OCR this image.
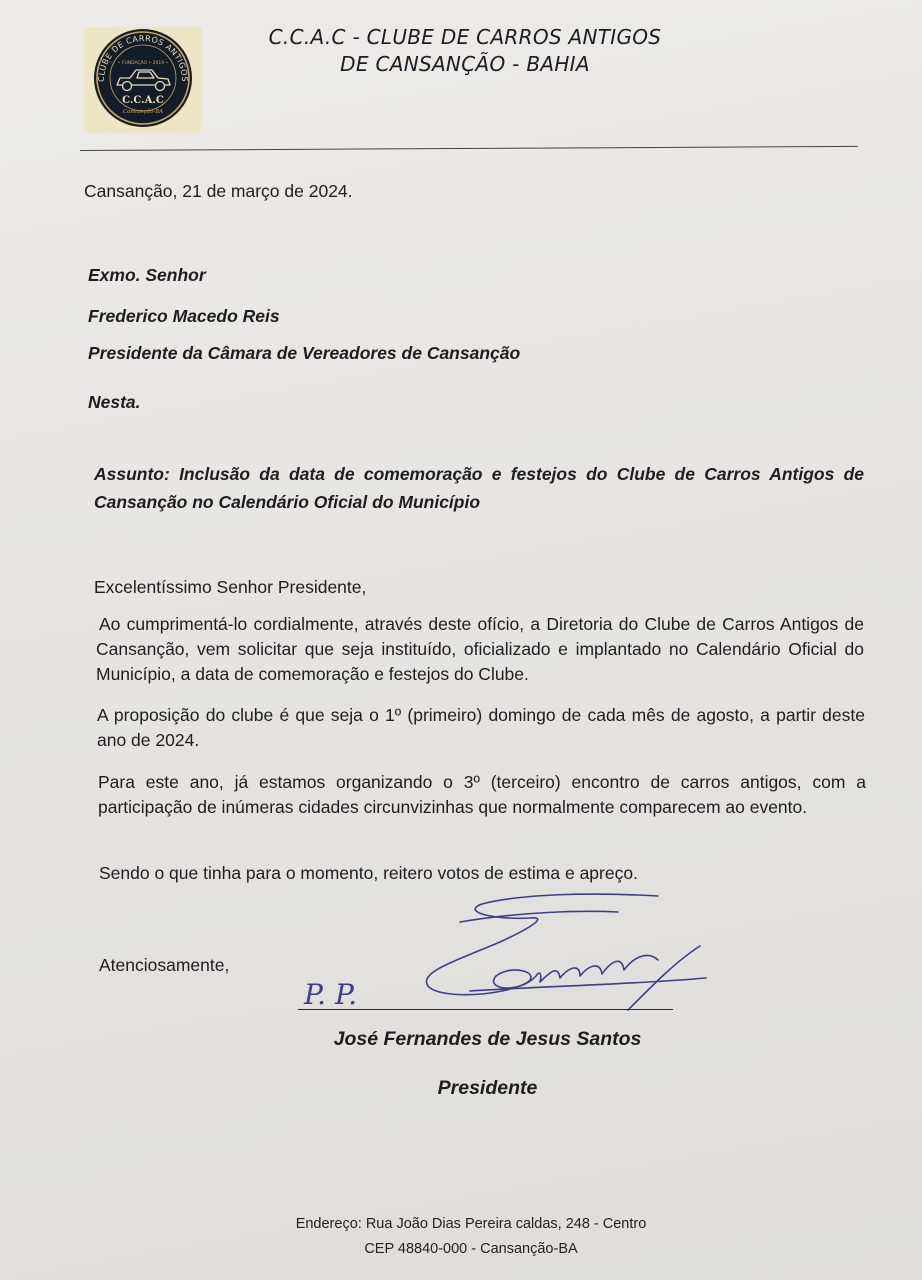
CLUBE DE CARROS ANTIGOS
• FUNDAÇÃO • 2019 •
C.C.A.C
Cansanção-BA
C.C.A.C - CLUBE DE CARROS ANTIGOS
DE CANSANÇÃO - BAHIA
Cansanção, 21 de março de 2024.
Exmo. Senhor
Frederico Macedo Reis
Presidente da Câmara de Vereadores de Cansanção
Nesta.
Assunto: Inclusão da data de comemoração e festejos do Clube de Carros Antigos de Cansanção no Calendário Oficial do Município
Excelentíssimo Senhor Presidente,
Ao cumprimentá-lo cordialmente, através deste ofício, a Diretoria do Clube de Carros Antigos de Cansanção, vem solicitar que seja instituído, oficializado e implantado no Calendário Oficial do Município, a data de comemoração e festejos do Clube.
A proposição do clube é que seja o 1º (primeiro) domingo de cada mês de agosto, a partir deste ano de 2024.
Para este ano, já estamos organizando o 3º (terceiro) encontro de carros antigos, com a participação de inúmeras cidades circunvizinhas que normalmente comparecem ao evento.
Sendo o que tinha para o momento, reitero votos de estima e apreço.
Atenciosamente,
P. P.
José Fernandes de Jesus Santos
Presidente
Endereço: Rua João Dias Pereira caldas, 248 - Centro
CEP 48840-000 - Cansanção-BA
